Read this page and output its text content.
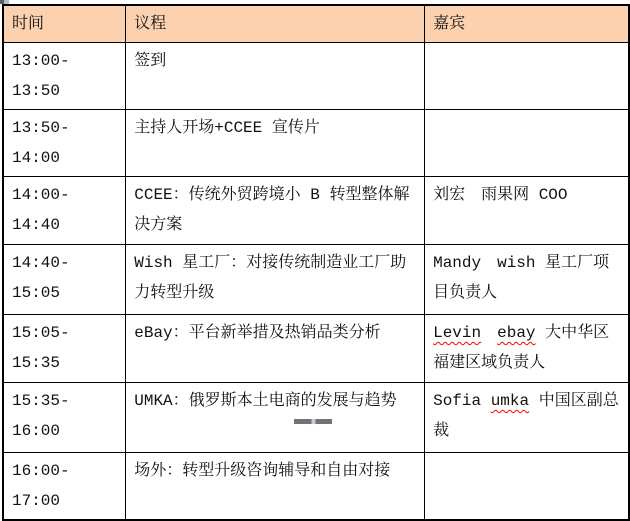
时间	议程	嘉宾
13:00-13:50	签到	
13:50-14:00	主持人开场+CCEE 宣传片	
14:00-14:40	CCEE：传统外贸跨境小 B 转型整体解决方案	刘宏　雨果网 COO
14:40-15:05	Wish 星工厂：对接传统制造业工厂助力转型升级	Mandy　wish 星工厂项目负责人
15:05-15:35	eBay：平台新举措及热销品类分析	Levin　 ebay 大中华区福建区域负责人
15:35-16:00	UMKA：俄罗斯本土电商的发展与趋势	Sofia umka 中国区副总裁
16:00-17:00	场外：转型升级咨询辅导和自由对接	
